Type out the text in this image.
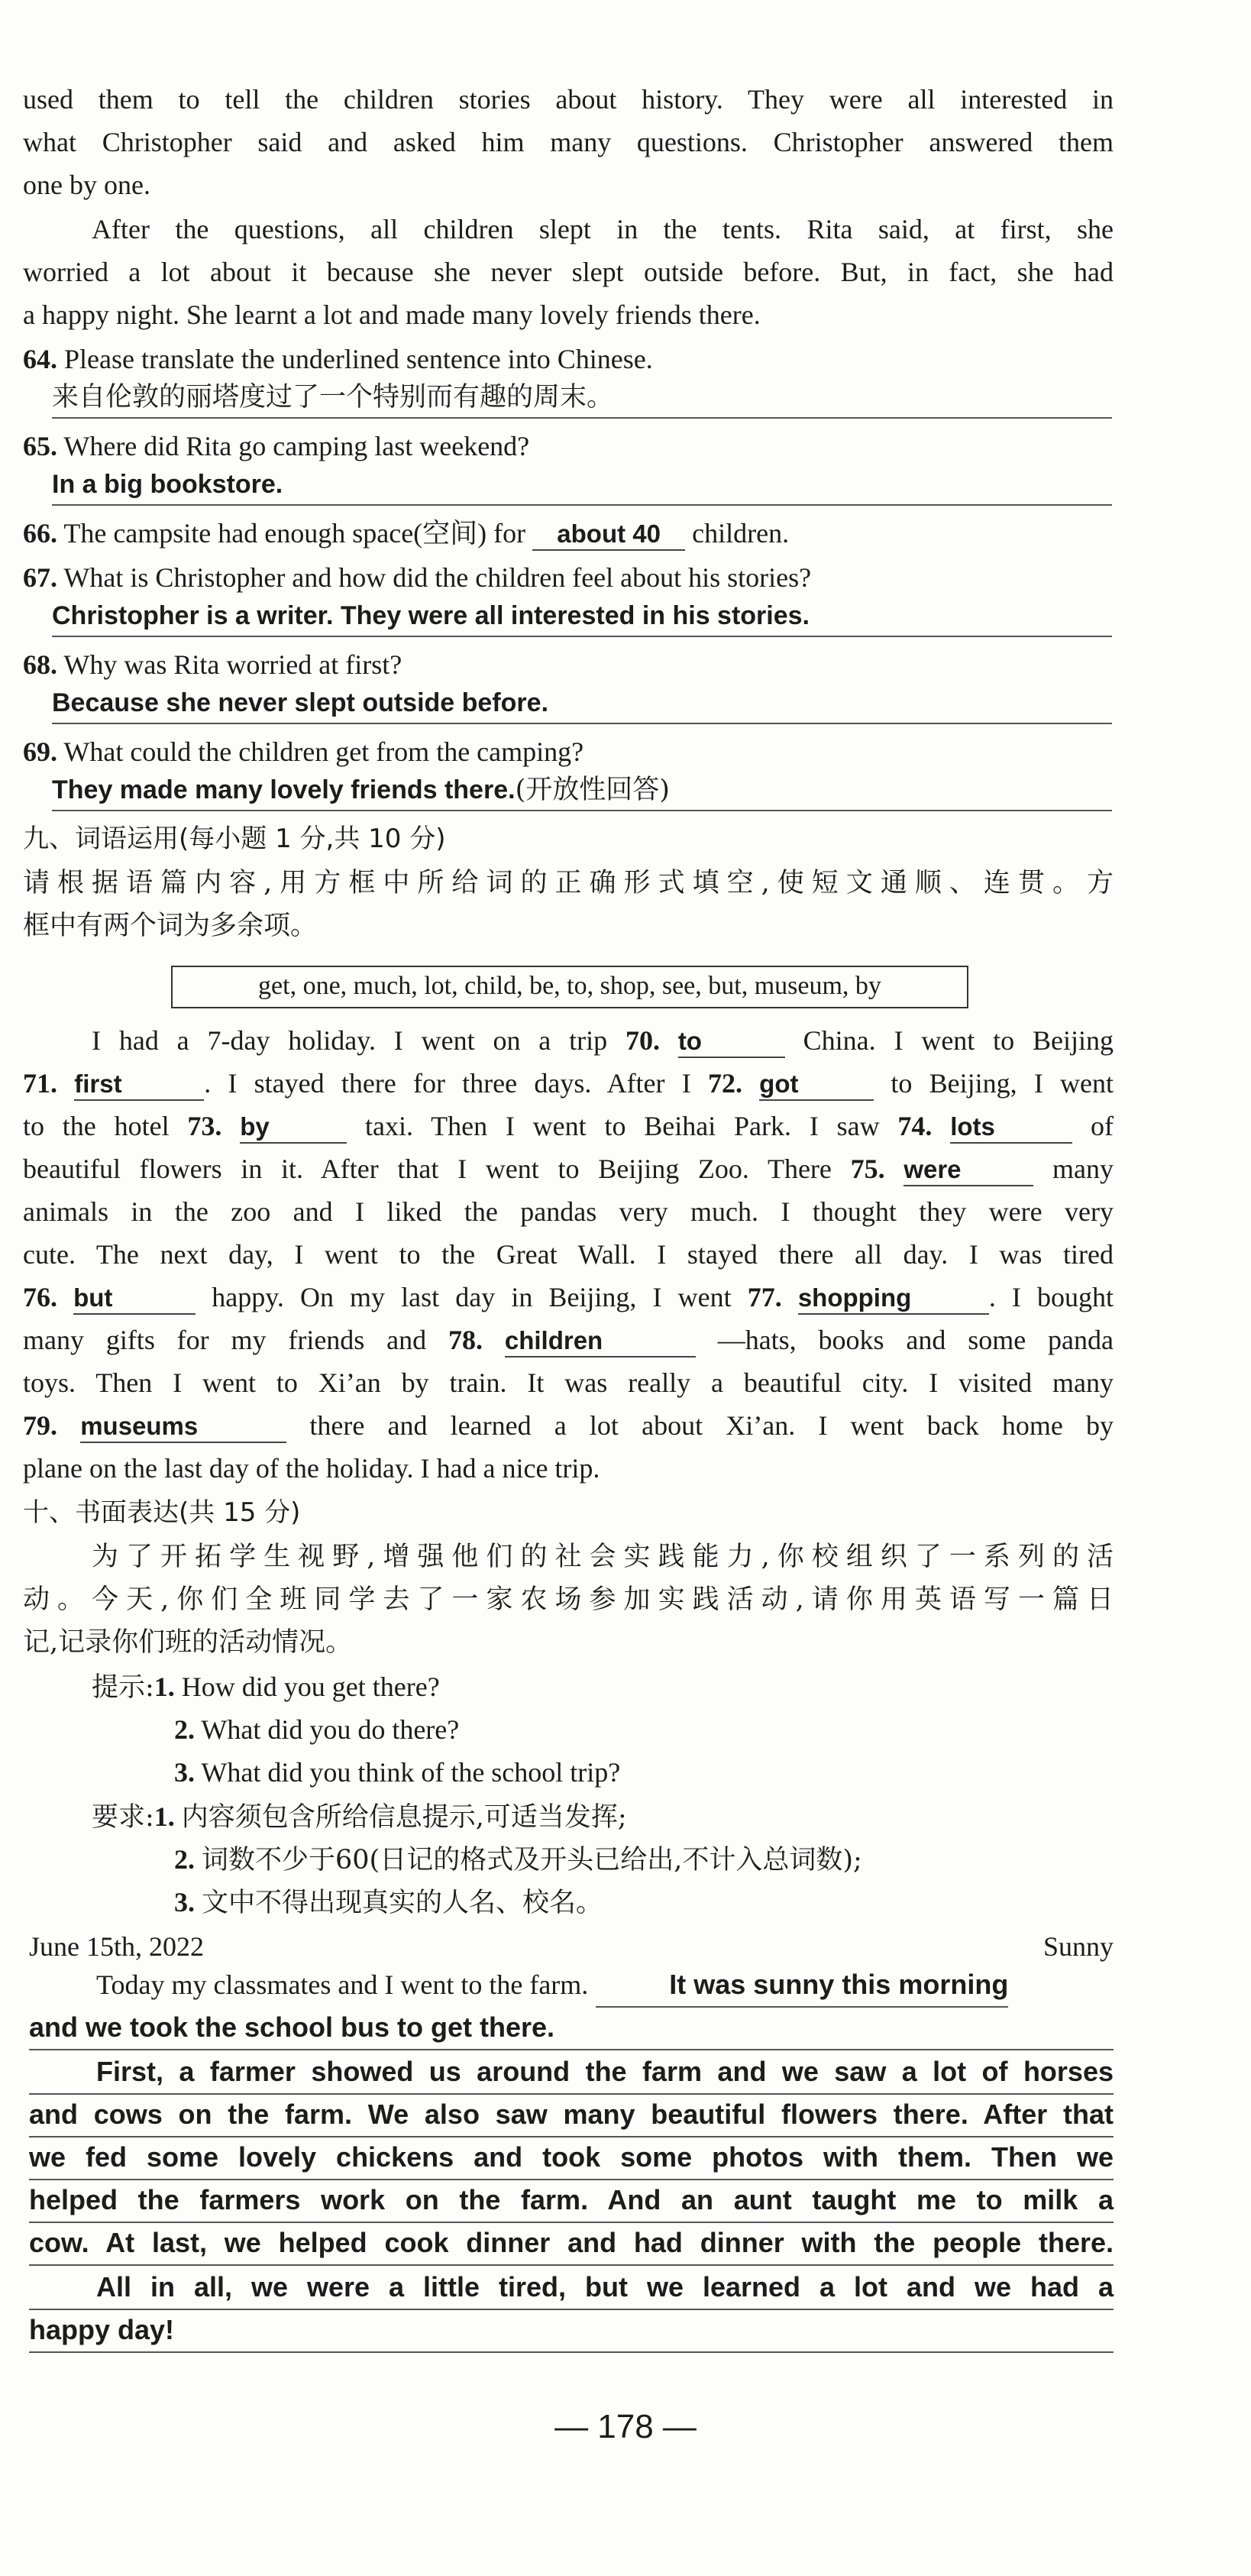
used them to tell the children stories about history. They were all interested in
what Christopher said and asked him many questions. Christopher answered them
one by one.
After the questions, all children slept in the tents. Rita said, at first, she
worried a lot about it because she never slept outside before. But, in fact, she had
a happy night. She learnt a lot and made many lovely friends there.
64. Please translate the underlined sentence into Chinese.
来自伦敦的丽塔度过了一个特别而有趣的周末。
65. Where did Rita go camping last weekend?
In a big bookstore.
66. The campsite had enough space(空间) for about 40 children.
67. What is Christopher and how did the children feel about his stories?
Christopher is a writer. They were all interested in his stories.
68. Why was Rita worried at first?
Because she never slept outside before.
69. What could the children get from the camping?
They made many lovely friends there.(开放性回答)
九、词语运用(每小题 1 分,共 10 分)
请根据语篇内容,用方框中所给词的正确形式填空,使短文通顺、连贯。方
框中有两个词为多余项。
get, one, much, lot, child, be, to, shop, see, but, museum, by
I had a 7-day holiday. I went on a trip 70. to	China. I went to Beijing
71. first	. I stayed there for three days. After I 72. got	to Beijing, I went
to the hotel 73. by	taxi. Then I went to Beihai Park. I saw 74. lots	of
beautiful flowers in it. After that I went to Beijing Zoo. There 75. were	many
animals in the zoo and I liked the pandas very much. I thought they were very
cute. The next day, I went to the Great Wall. I stayed there all day. I was tired
76. but	happy. On my last day in Beijing, I went 77. shopping	. I bought
many gifts for my friends and 78. children	—hats, books and some panda
toys. Then I went to Xi’an by train. It was really a beautiful city. I visited many
79. museums	there and learned a lot about Xi’an. I went back home by
plane on the last day of the holiday. I had a nice trip.
十、书面表达(共 15 分)
为了开拓学生视野,增强他们的社会实践能力,你校组织了一系列的活
动。今天,你们全班同学去了一家农场参加实践活动,请你用英语写一篇日
记,记录你们班的活动情况。
提示:1. How did you get there?
2. What did you do there?
3. What did you think of the school trip?
要求:1. 内容须包含所给信息提示,可适当发挥;
2. 词数不少于60(日记的格式及开头已给出,不计入总词数);
3. 文中不得出现真实的人名、校名。
June 15th, 2022	Sunny
Today my classmates and I went to the farm.	It was sunny this morning
and we took the school bus to get there.
First, a farmer showed us around the farm and we saw a lot of horses
and cows on the farm. We also saw many beautiful flowers there. After that
we fed some lovely chickens and took some photos with them. Then we
helped the farmers work on the farm. And an aunt taught me to milk a
cow. At last, we helped cook dinner and had dinner with the people there.
All in all, we were a little tired, but we learned a lot and we had a
happy day!
— 178 —
